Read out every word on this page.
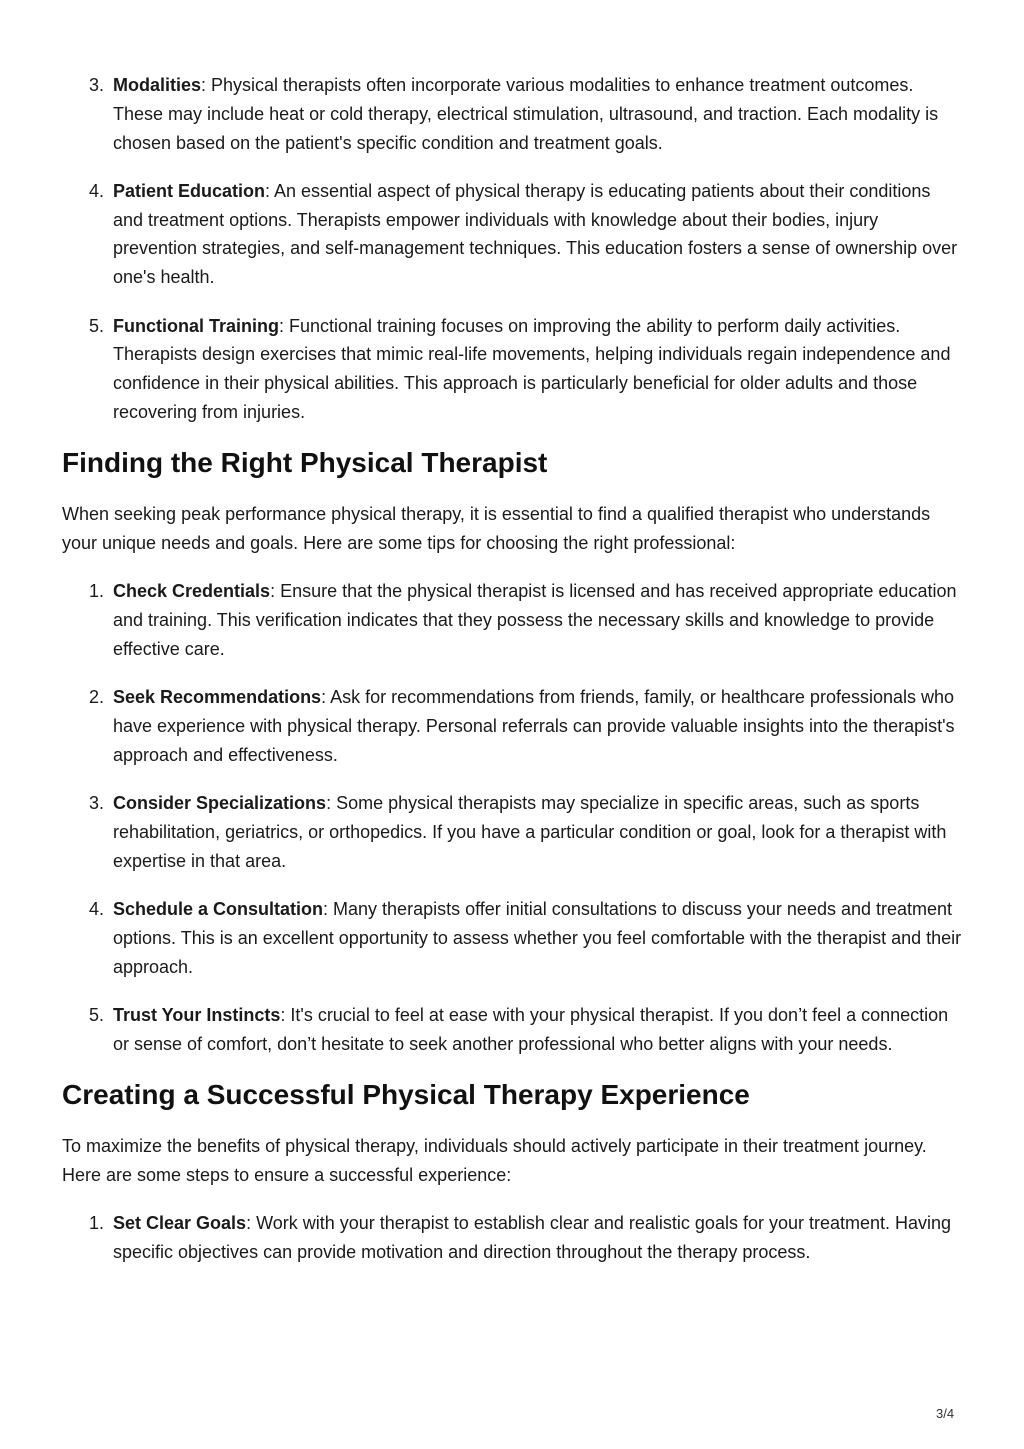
3. Modalities: Physical therapists often incorporate various modalities to enhance treatment outcomes. These may include heat or cold therapy, electrical stimulation, ultrasound, and traction. Each modality is chosen based on the patient's specific condition and treatment goals.
4. Patient Education: An essential aspect of physical therapy is educating patients about their conditions and treatment options. Therapists empower individuals with knowledge about their bodies, injury prevention strategies, and self-management techniques. This education fosters a sense of ownership over one's health.
5. Functional Training: Functional training focuses on improving the ability to perform daily activities. Therapists design exercises that mimic real-life movements, helping individuals regain independence and confidence in their physical abilities. This approach is particularly beneficial for older adults and those recovering from injuries.
Finding the Right Physical Therapist

When seeking peak performance physical therapy, it is essential to find a qualified therapist who understands your unique needs and goals. Here are some tips for choosing the right professional:

1. Check Credentials: Ensure that the physical therapist is licensed and has received appropriate education and training. This verification indicates that they possess the necessary skills and knowledge to provide effective care.
2. Seek Recommendations: Ask for recommendations from friends, family, or healthcare professionals who have experience with physical therapy. Personal referrals can provide valuable insights into the therapist's approach and effectiveness.
3. Consider Specializations: Some physical therapists may specialize in specific areas, such as sports rehabilitation, geriatrics, or orthopedics. If you have a particular condition or goal, look for a therapist with expertise in that area.
4. Schedule a Consultation: Many therapists offer initial consultations to discuss your needs and treatment options. This is an excellent opportunity to assess whether you feel comfortable with the therapist and their approach.
5. Trust Your Instincts: It's crucial to feel at ease with your physical therapist. If you don’t feel a connection or sense of comfort, don’t hesitate to seek another professional who better aligns with your needs.
Creating a Successful Physical Therapy Experience

To maximize the benefits of physical therapy, individuals should actively participate in their treatment journey. Here are some steps to ensure a successful experience:

1. Set Clear Goals: Work with your therapist to establish clear and realistic goals for your treatment. Having specific objectives can provide motivation and direction throughout the therapy process.
3/4
